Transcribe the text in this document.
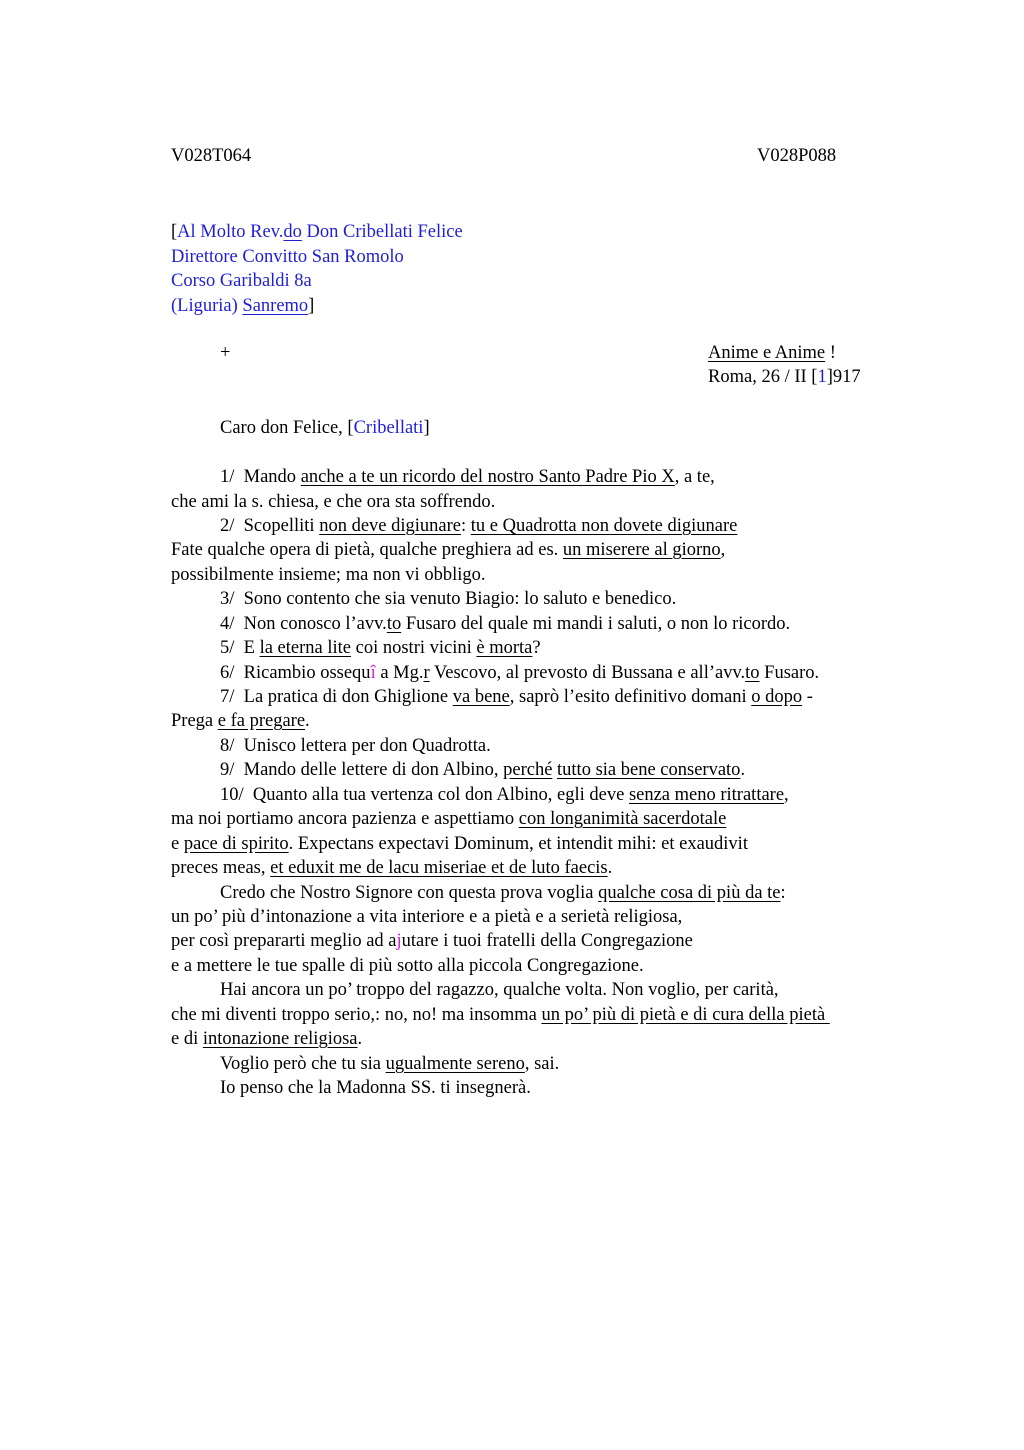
V028T064	V028P088
[Al Molto Rev.do Don Cribellati Felice
Direttore Convitto San Romolo
Corso Garibaldi 8a
(Liguria) Sanremo]
+	Anime e Anime !
Roma, 26 / II [1]917
Caro don Felice, [Cribellati]
1/  Mando anche a te un ricordo del nostro Santo Padre Pio X, a te,
che ami la s. chiesa, e che ora sta soffrendo.
2/  Scopelliti non deve digiunare: tu e Quadrotta non dovete digiunare
Fate qualche opera di pietà, qualche preghiera ad es. un miserere al giorno,
possibilmente insieme; ma non vi obbligo.
3/  Sono contento che sia venuto Biagio: lo saluto e benedico.
4/  Non conosco l’avv.to Fusaro del quale mi mandi i saluti, o non lo ricordo.
5/  E la eterna lite coi nostri vicini è morta?
6/  Ricambio ossequî a Mg.r Vescovo, al prevosto di Bussana e all’avv.to Fusaro.
7/  La pratica di don Ghiglione va bene, saprò l’esito definitivo domani o dopo -
Prega e fa pregare.
8/  Unisco lettera per don Quadrotta.
9/  Mando delle lettere di don Albino, perché tutto sia bene conservato.
10/  Quanto alla tua vertenza col don Albino, egli deve senza meno ritrattare,
ma noi portiamo ancora pazienza e aspettiamo con longanimità sacerdotale
e pace di spirito. Expectans expectavi Dominum, et intendit mihi: et exaudivit
preces meas, et eduxit me de lacu miseriae et de luto faecis.
Credo che Nostro Signore con questa prova voglia qualche cosa di più da te:
un po’ più d’intonazione a vita interiore e a pietà e a serietà religiosa,
per così prepararti meglio ad ajutare i tuoi fratelli della Congregazione
e a mettere le tue spalle di più sotto alla piccola Congregazione.
Hai ancora un po’ troppo del ragazzo, qualche volta. Non voglio, per carità,
che mi diventi troppo serio,: no, no! ma insomma un po’ più di pietà e di cura della pietà
e di intonazione religiosa.
Voglio però che tu sia ugualmente sereno, sai.
Io penso che la Madonna SS. ti insegnerà.
